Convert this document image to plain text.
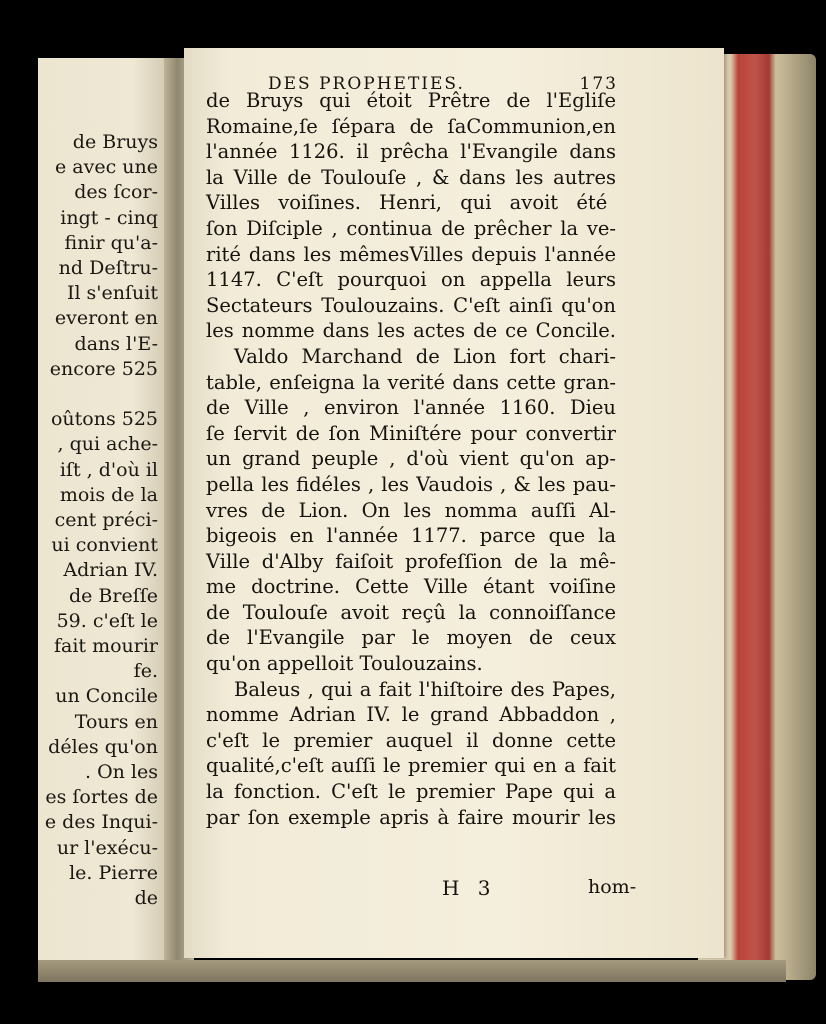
de Bruys
e avec une
des ſcor-
ingt - cinq
finir qu'a-
nd Deſtru-
Il s'enſuit
everont en
dans l'E-
encore 525

oûtons 525
, qui ache-
iſt , d'où il
mois de la
cent préci-
ui convient
Adrian IV.
de Breſſe
59. c'eſt le
fait mourir
fe.
un Concile
Tours en
déles qu'on
. On les
es ſortes de
e des Inqui-
ur l'exécu-
le. Pierre
de
DES PROPHETIES.	173
de Bruys qui étoit Prêtre de l'Egliſe
Romaine,ſe ſépara de ſaCommunion,en
l'année 1126. il prêcha l'Evangile dans
la Ville de Toulouſe , & dans les autres
Villes voiſines. Henri, qui avoit été
ſon Diſciple , continua de prêcher la ve-
rité dans les mêmesVilles depuis l'année
1147. C'eſt pourquoi on appella leurs
Sectateurs Toulouzains. C'eſt ainſi qu'on
les nomme dans les actes de ce Concile.
Valdo Marchand de Lion fort chari-
table, enſeigna la verité dans cette gran-
de Ville , environ l'année 1160. Dieu
ſe ſervit de ſon Miniſtére pour convertir
un grand peuple , d'où vient qu'on ap-
pella les fidéles , les Vaudois , & les pau-
vres de Lion. On les nomma auſſi Al-
bigeois en l'année 1177. parce que la
Ville d'Alby faiſoit profeſſion de la mê-
me doctrine. Cette Ville étant voiſine
de Toulouſe avoit reçû la connoiſſance
de l'Evangile par le moyen de ceux
qu'on appelloit Toulouzains.
Baleus , qui a fait l'hiſtoire des Papes,
nomme Adrian IV. le grand Abbaddon ,
c'eſt le premier auquel il donne cette
qualité,c'eſt auſſi le premier qui en a fait
la fonction. C'eſt le premier Pape qui a
par ſon exemple apris à faire mourir les
H 3	hom-
